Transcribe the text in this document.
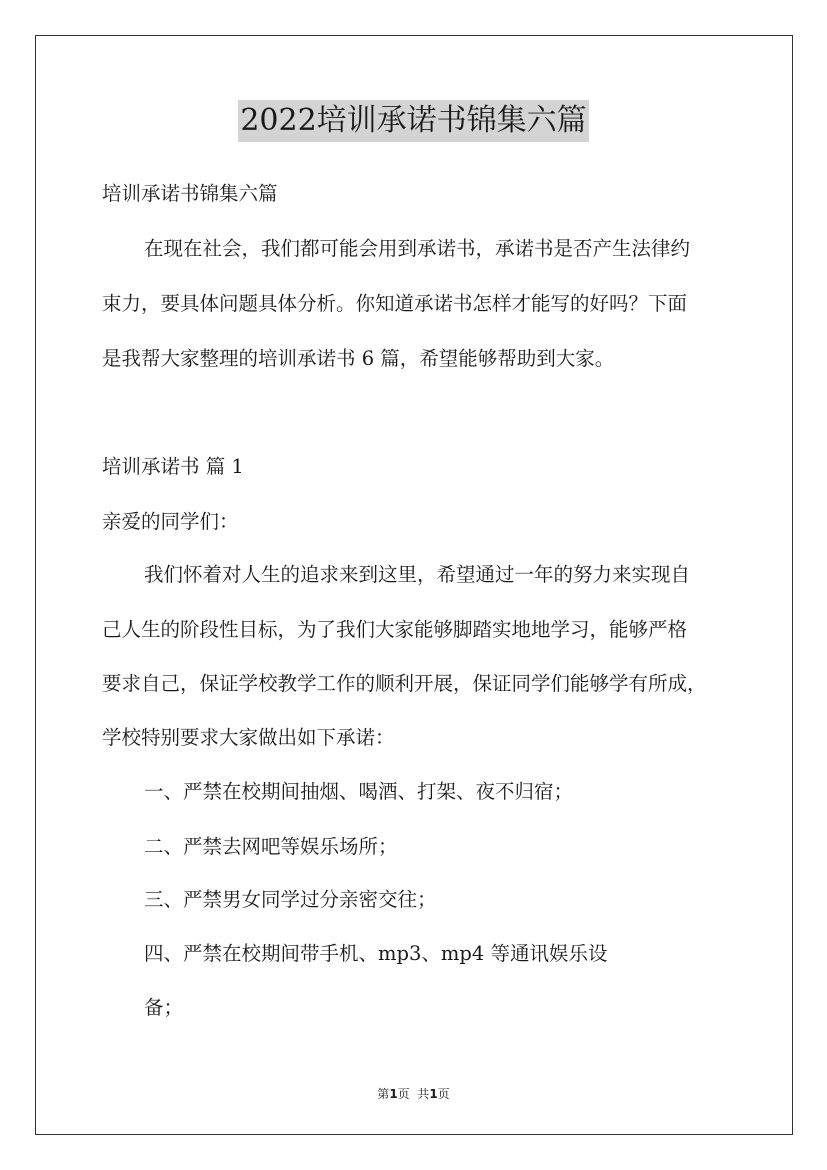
2022培训承诺书锦集六篇
培训承诺书锦集六篇
在现在社会，我们都可能会用到承诺书，承诺书是否产生法律约
束力，要具体问题具体分析。你知道承诺书怎样才能写的好吗？下面
是我帮大家整理的培训承诺书 6 篇，希望能够帮助到大家。
培训承诺书 篇 1
亲爱的同学们：
我们怀着对人生的追求来到这里，希望通过一年的努力来实现自
己人生的阶段性目标，为了我们大家能够脚踏实地地学习，能够严格
要求自己，保证学校教学工作的顺利开展，保证同学们能够学有所成，
学校特别要求大家做出如下承诺：
一、严禁在校期间抽烟、喝酒、打架、夜不归宿；
二、严禁去网吧等娱乐场所；
三、严禁男女同学过分亲密交往；
四、严禁在校期间带手机、mp3、mp4 等通讯娱乐设
备；
第1页  共1页
